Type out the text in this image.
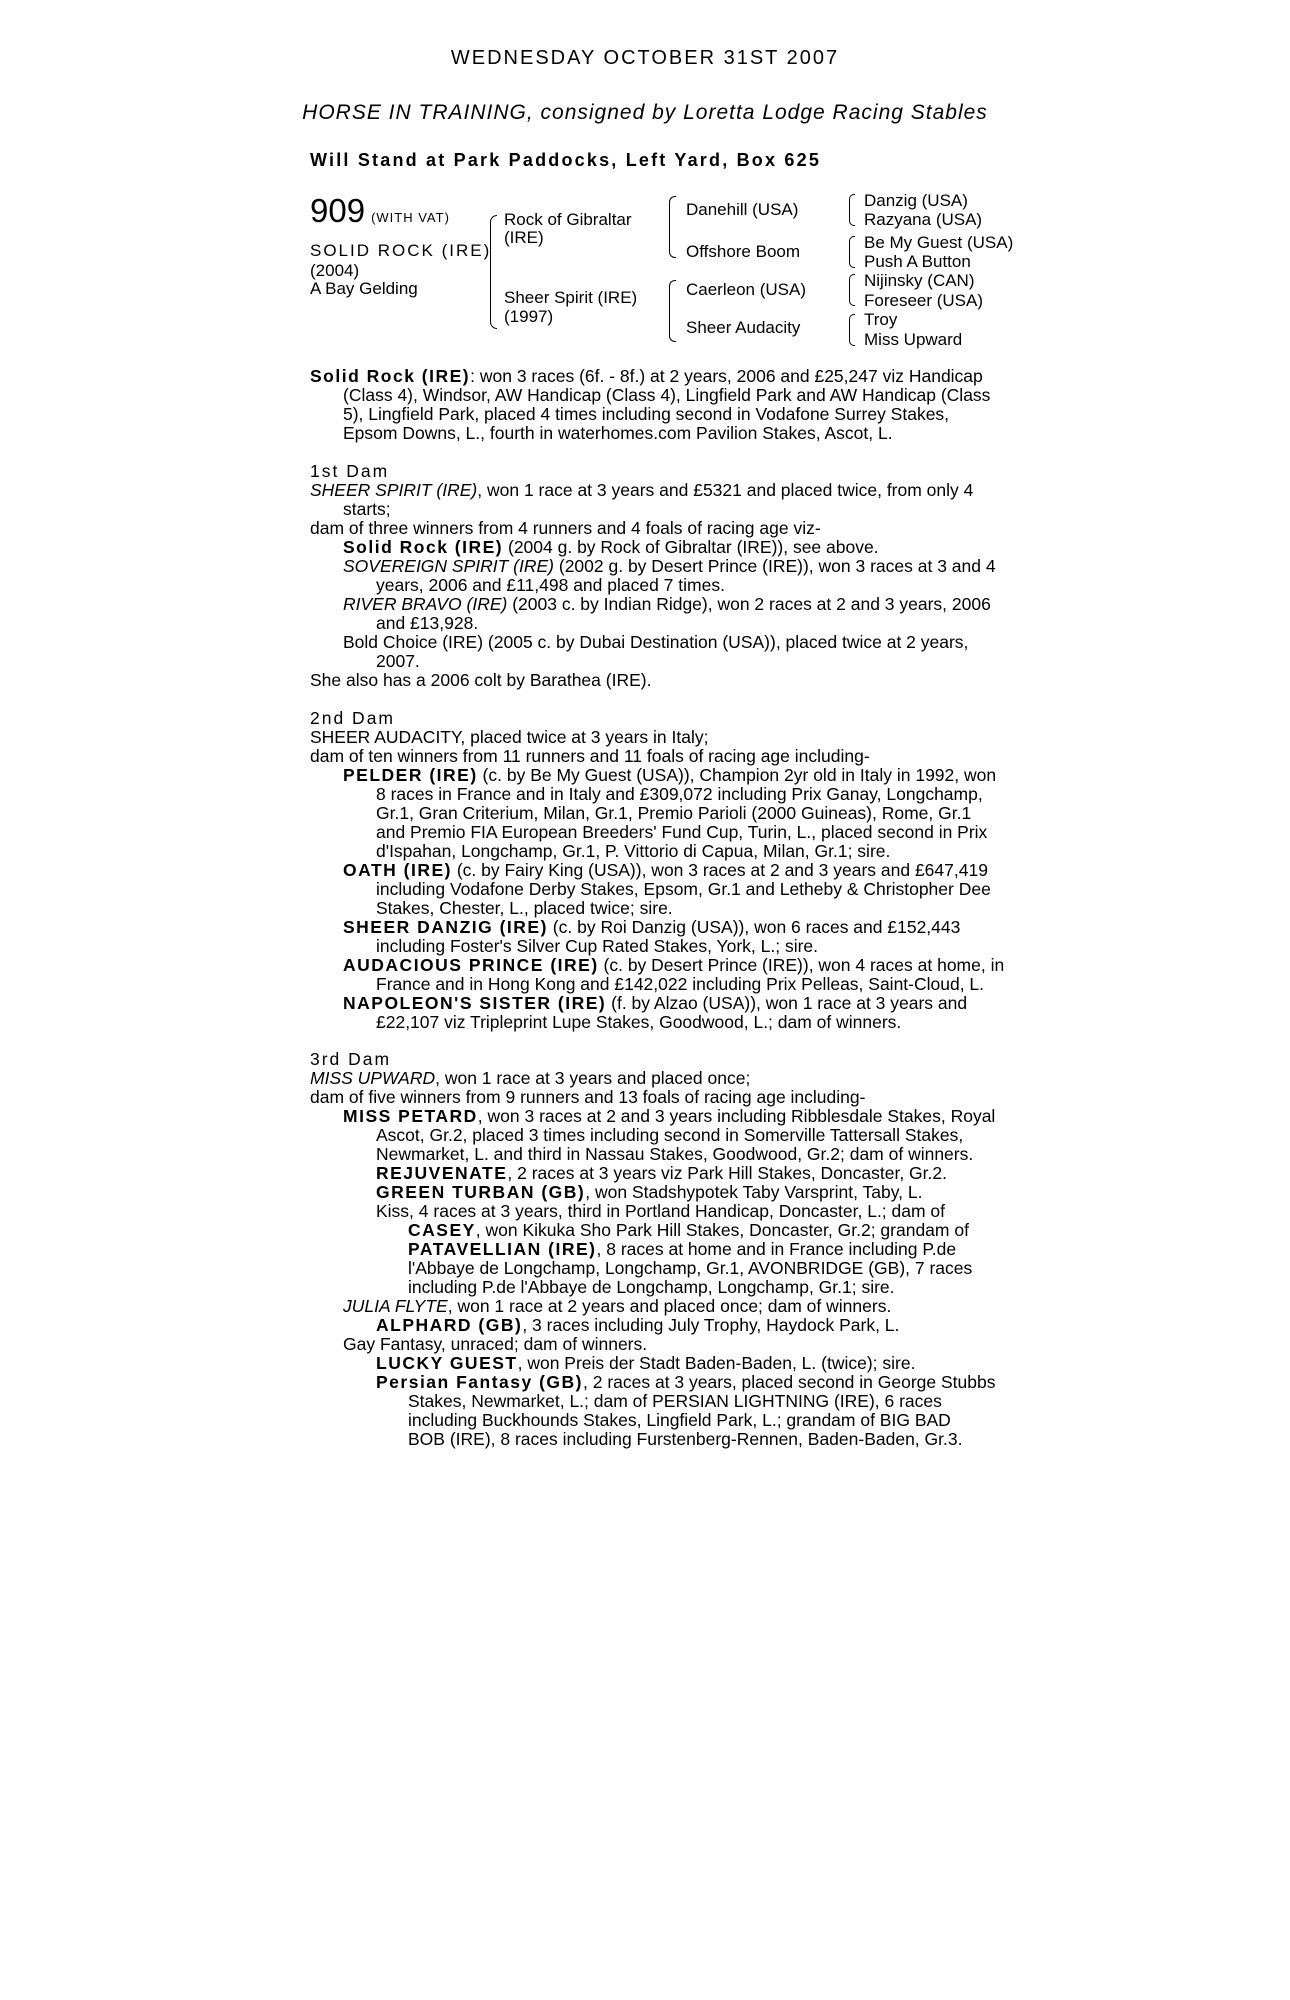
WEDNESDAY OCTOBER 31ST 2007
HORSE IN TRAINING, consigned by Loretta Lodge Racing Stables
Will Stand at Park Paddocks, Left Yard, Box 625
909 (WITH VAT)
SOLID ROCK (IRE)
(2004)
A Bay Gelding
Rock of Gibraltar
(IRE)
Sheer Spirit (IRE)
(1997)
Danehill (USA)
Offshore Boom
Caerleon (USA)
Sheer Audacity
Danzig (USA)
Razyana (USA)
Be My Guest (USA)
Push A Button
Nijinsky (CAN)
Foreseer (USA)
Troy
Miss Upward
Solid Rock (IRE): won 3 races (6f. - 8f.) at 2 years, 2006 and £25,247 viz Handicap
(Class 4), Windsor, AW Handicap (Class 4), Lingfield Park and AW Handicap (Class
5), Lingfield Park, placed 4 times including second in Vodafone Surrey Stakes,
Epsom Downs, L., fourth in waterhomes.com Pavilion Stakes, Ascot, L.
1st Dam
SHEER SPIRIT (IRE), won 1 race at 3 years and £5321 and placed twice, from only 4
starts;
dam of three winners from 4 runners and 4 foals of racing age viz-
Solid Rock (IRE) (2004 g. by Rock of Gibraltar (IRE)), see above.
SOVEREIGN SPIRIT (IRE) (2002 g. by Desert Prince (IRE)), won 3 races at 3 and 4
years, 2006 and £11,498 and placed 7 times.
RIVER BRAVO (IRE) (2003 c. by Indian Ridge), won 2 races at 2 and 3 years, 2006
and £13,928.
Bold Choice (IRE) (2005 c. by Dubai Destination (USA)), placed twice at 2 years,
2007.
She also has a 2006 colt by Barathea (IRE).
2nd Dam
SHEER AUDACITY, placed twice at 3 years in Italy;
dam of ten winners from 11 runners and 11 foals of racing age including-
PELDER (IRE) (c. by Be My Guest (USA)), Champion 2yr old in Italy in 1992, won
8 races in France and in Italy and £309,072 including Prix Ganay, Longchamp,
Gr.1, Gran Criterium, Milan, Gr.1, Premio Parioli (2000 Guineas), Rome, Gr.1
and Premio FIA European Breeders' Fund Cup, Turin, L., placed second in Prix
d'Ispahan, Longchamp, Gr.1, P. Vittorio di Capua, Milan, Gr.1; sire.
OATH (IRE) (c. by Fairy King (USA)), won 3 races at 2 and 3 years and £647,419
including Vodafone Derby Stakes, Epsom, Gr.1 and Letheby & Christopher Dee
Stakes, Chester, L., placed twice; sire.
SHEER DANZIG (IRE) (c. by Roi Danzig (USA)), won 6 races and £152,443
including Foster's Silver Cup Rated Stakes, York, L.; sire.
AUDACIOUS PRINCE (IRE) (c. by Desert Prince (IRE)), won 4 races at home, in
France and in Hong Kong and £142,022 including Prix Pelleas, Saint-Cloud, L.
NAPOLEON'S SISTER (IRE) (f. by Alzao (USA)), won 1 race at 3 years and
£22,107 viz Tripleprint Lupe Stakes, Goodwood, L.; dam of winners.
3rd Dam
MISS UPWARD, won 1 race at 3 years and placed once;
dam of five winners from 9 runners and 13 foals of racing age including-
MISS PETARD, won 3 races at 2 and 3 years including Ribblesdale Stakes, Royal
Ascot, Gr.2, placed 3 times including second in Somerville Tattersall Stakes,
Newmarket, L. and third in Nassau Stakes, Goodwood, Gr.2; dam of winners.
REJUVENATE, 2 races at 3 years viz Park Hill Stakes, Doncaster, Gr.2.
GREEN TURBAN (GB), won Stadshypotek Taby Varsprint, Taby, L.
Kiss, 4 races at 3 years, third in Portland Handicap, Doncaster, L.; dam of
CASEY, won Kikuka Sho Park Hill Stakes, Doncaster, Gr.2; grandam of
PATAVELLIAN (IRE), 8 races at home and in France including P.de
l'Abbaye de Longchamp, Longchamp, Gr.1, AVONBRIDGE (GB), 7 races
including P.de l'Abbaye de Longchamp, Longchamp, Gr.1; sire.
JULIA FLYTE, won 1 race at 2 years and placed once; dam of winners.
ALPHARD (GB), 3 races including July Trophy, Haydock Park, L.
Gay Fantasy, unraced; dam of winners.
LUCKY GUEST, won Preis der Stadt Baden-Baden, L. (twice); sire.
Persian Fantasy (GB), 2 races at 3 years, placed second in George Stubbs
Stakes, Newmarket, L.; dam of PERSIAN LIGHTNING (IRE), 6 races
including Buckhounds Stakes, Lingfield Park, L.; grandam of BIG BAD
BOB (IRE), 8 races including Furstenberg-Rennen, Baden-Baden, Gr.3.
